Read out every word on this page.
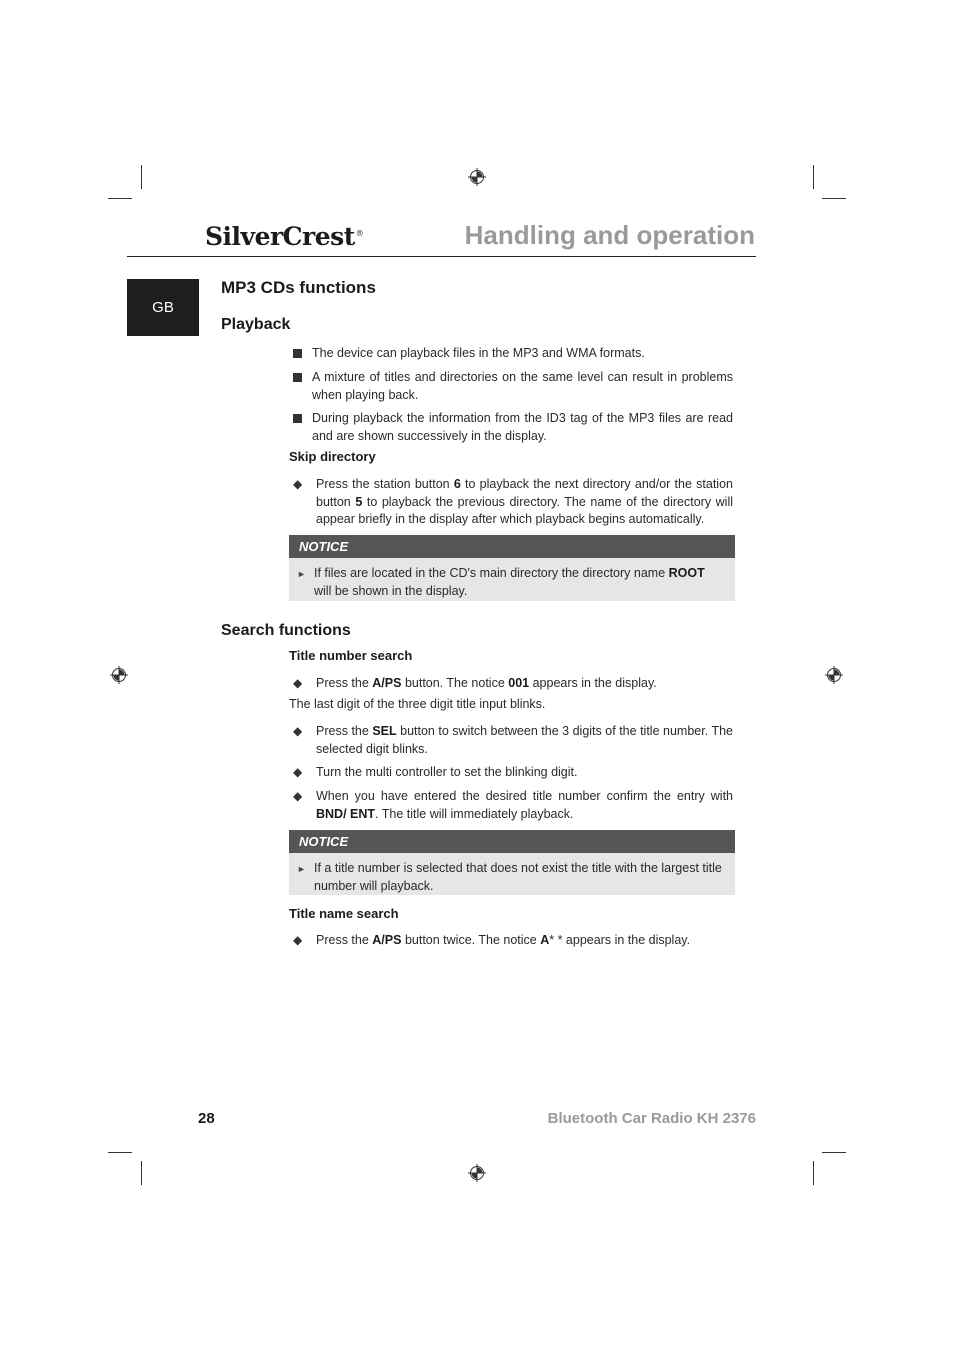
SilverCrest®	Handling and operation
GB
MP3 CDs functions
Playback
The device can playback files in the MP3 and WMA formats.
A mixture of titles and directories on the same level can result in problems when playing back.
During playback the information from the ID3 tag of the MP3 files are read and are shown successively in the display.
Skip directory
◆	Press the station button 6 to playback the next directory and/or the station button 5 to playback the previous directory. The name of the directory will appear briefly in the display after which playback begins automatically.
NOTICE
► If files are located in the CD's main directory the directory name ROOT will be shown in the display.
Search functions
Title number search
◆	Press the A/PS button. The notice 001 appears in the display.
The last digit of the three digit title input blinks.
◆	Press the SEL button to switch between the 3 digits of the title number. The selected digit blinks.
◆	Turn the multi controller to set the blinking digit.
◆	When you have entered the desired title number confirm the entry with BND/ ENT. The title will immediately playback.
NOTICE
► If a title number is selected that does not exist the title with the largest title number will playback.
Title name search
◆	Press the A/PS button twice. The notice A* * appears in the display.
28	Bluetooth Car Radio KH 2376
